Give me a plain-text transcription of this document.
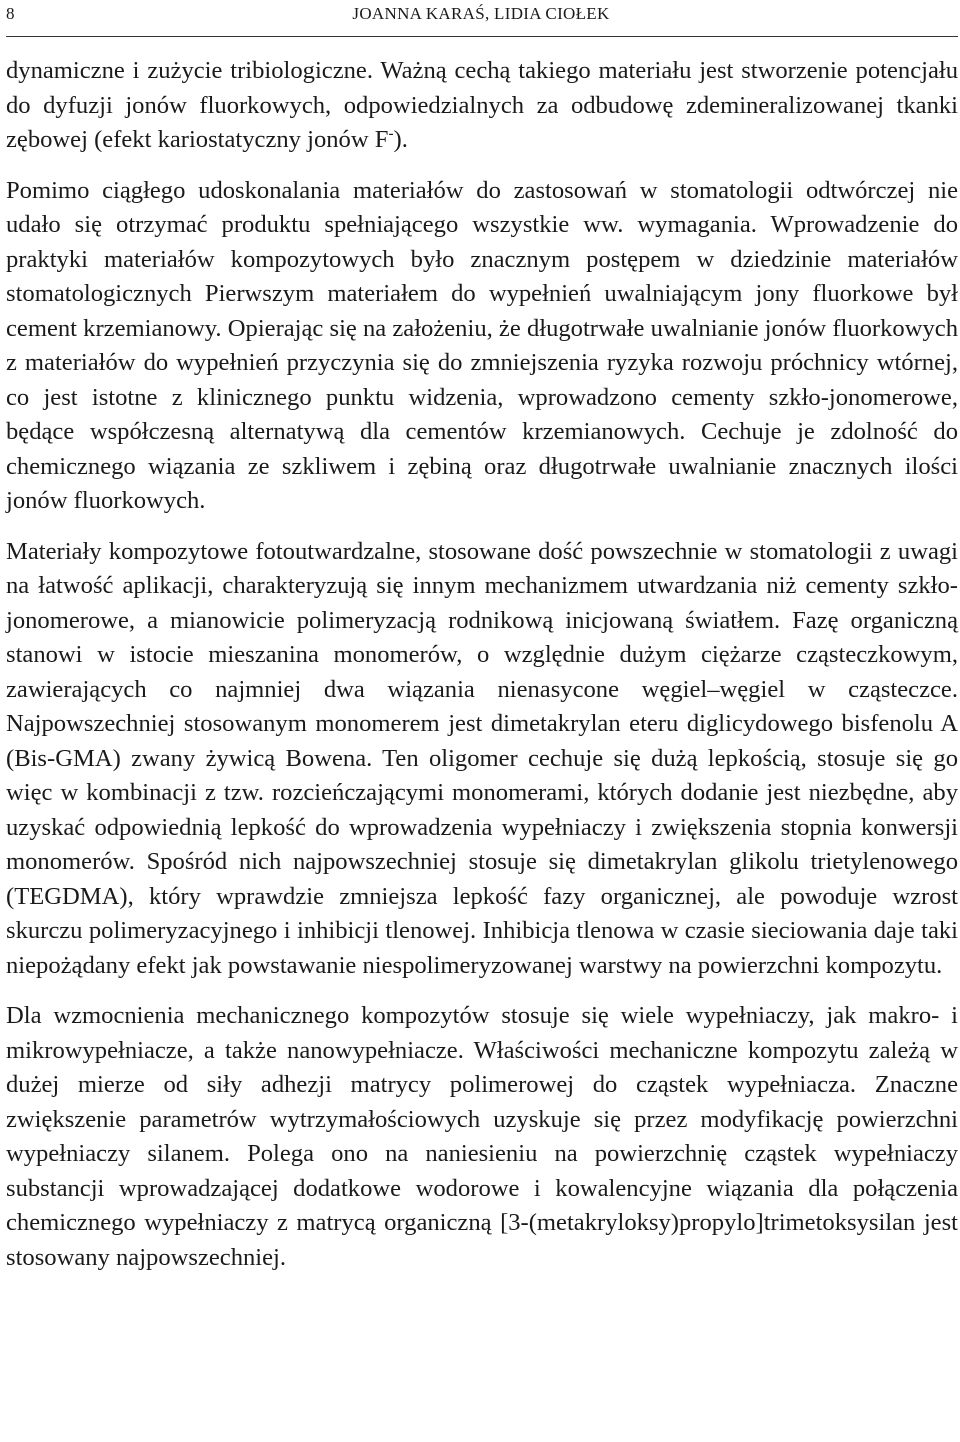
8	JOANNA KARAŚ, LIDIA CIOŁEK

dynamiczne i zużycie tribiologiczne. Ważną cechą takiego materiału jest stworzenie potencjału do dyfuzji jonów fluorkowych, odpowiedzialnych za odbudowę zdemineralizowanej tkanki zębowej (efekt kariostatyczny jonów F-).

Pomimo ciągłego udoskonalania materiałów do zastosowań w stomatologii odtwórczej nie udało się otrzymać produktu spełniającego wszystkie ww. wymagania. Wprowadzenie do praktyki materiałów kompozytowych było znacznym postępem w dziedzinie materiałów stomatologicznych Pierwszym materiałem do wypełnień uwalniającym jony fluorkowe był cement krzemianowy. Opierając się na założeniu, że długotrwałe uwalnianie jonów fluorkowych z materiałów do wypełnień przyczynia się do zmniejszenia ryzyka rozwoju próchnicy wtórnej, co jest istotne z klinicznego punktu widzenia, wprowadzono cementy szkło-jonomerowe, będące współczesną alternatywą dla cementów krzemianowych. Cechuje je zdolność do chemicznego wiązania ze szkliwem i zębiną oraz długotrwałe uwalnianie znacznych ilości jonów fluorkowych.

Materiały kompozytowe fotoutwardzalne, stosowane dość powszechnie w stomatologii z uwagi na łatwość aplikacji, charakteryzują się innym mechanizmem utwardzania niż cementy szkło-jonomerowe, a mianowicie polimeryzacją rodnikową inicjowaną światłem. Fazę organiczną stanowi w istocie mieszanina monomerów, o względnie dużym ciężarze cząsteczkowym, zawierających co najmniej dwa wiązania nienasycone węgiel–węgiel w cząsteczce. Najpowszechniej stosowanym monomerem jest dimetakrylan eteru diglicydowego bisfenolu A (Bis-GMA) zwany żywicą Bowena. Ten oligomer cechuje się dużą lepkością, stosuje się go więc w kombinacji z tzw. rozcieńczającymi monomerami, których dodanie jest niezbędne, aby uzyskać odpowiednią lepkość do wprowadzenia wypełniaczy i zwiększenia stopnia konwersji monomerów. Spośród nich najpowszechniej stosuje się dimetakrylan glikolu trietylenowego (TEGDMA), który wprawdzie zmniejsza lepkość fazy organicznej, ale powoduje wzrost skurczu polimeryzacyjnego i inhibicji tlenowej. Inhibicja tlenowa w czasie sieciowania daje taki niepożądany efekt jak powstawanie niespolimeryzowanej warstwy na powierzchni kompozytu.

Dla wzmocnienia mechanicznego kompozytów stosuje się wiele wypełniaczy, jak makro- i mikrowypełniacze, a także nanowypełniacze. Właściwości mechaniczne kompozytu zależą w dużej mierze od siły adhezji matrycy polimerowej do cząstek wypełniacza. Znaczne zwiększenie parametrów wytrzymałościowych uzyskuje się przez modyfikację powierzchni wypełniaczy silanem. Polega ono na naniesieniu na powierzchnię cząstek wypełniaczy substancji wprowadzającej dodatkowe wodorowe i kowalencyjne wiązania dla połączenia chemicznego wypełniaczy z matrycą organiczną [3-(metakryloksy)propylo]trimetoksysilan jest stosowany najpowszechniej.
